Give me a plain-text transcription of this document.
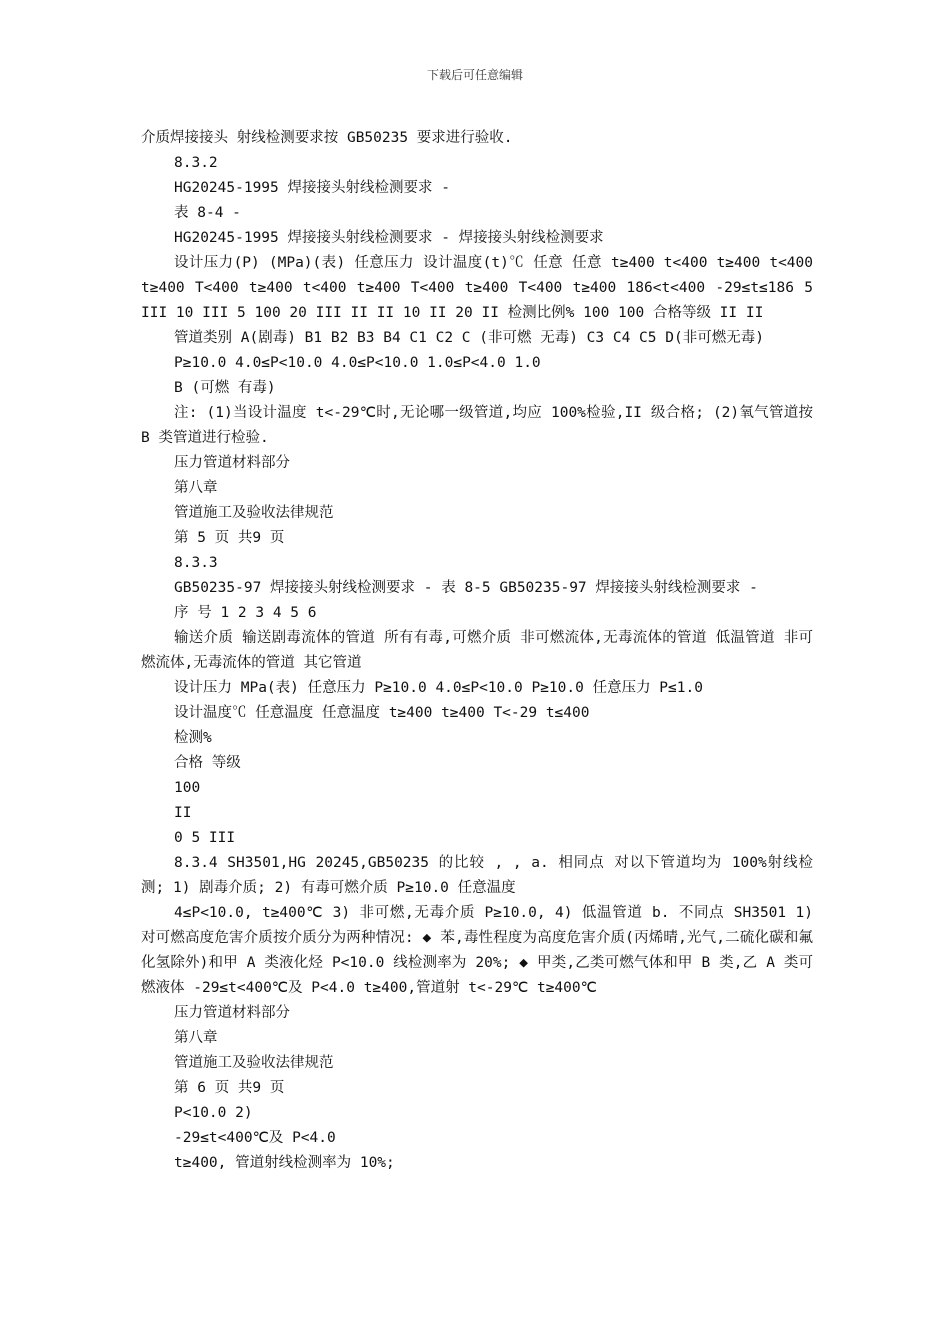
下载后可任意编辑

介质焊接接头 射线检测要求按 GB50235 要求进行验收.

8.3.2

HG20245-1995 焊接接头射线检测要求 -

表 8-4 -

HG20245-1995 焊接接头射线检测要求 - 焊接接头射线检测要求

设计压力(P) (MPa)(表) 任意压力 设计温度(t)℃ 任意 任意 t≥400 t<400 t≥400 t<400 t≥400 T<400 t≥400 t<400 t≥400 T<400 t≥400 T<400 t≥400 186<t<400 -29≤t≤186 5 III 10 III 5 100 20 III II II 10 II 20 II 检测比例% 100 100 合格等级 II II

管道类别 A(剧毒) B1 B2 B3 B4 C1 C2 C (非可燃 无毒) C3 C4 C5 D(非可燃无毒)

P≥10.0 4.0≤P<10.0 4.0≤P<10.0 1.0≤P<4.0 1.0

B (可燃 有毒)

注: (1)当设计温度 t<-29℃时,无论哪一级管道,均应 100%检验,II 级合格; (2)氧气管道按 B 类管道进行检验.

压力管道材料部分

第八章

管道施工及验收法律规范

第 5 页 共9 页

8.3.3

GB50235-97 焊接接头射线检测要求 - 表 8-5 GB50235-97 焊接接头射线检测要求 -

序 号 1 2 3 4 5 6

输送介质 输送剧毒流体的管道 所有有毒,可燃介质 非可燃流体,无毒流体的管道 低温管道 非可燃流体,无毒流体的管道 其它管道

设计压力 MPa(表) 任意压力 P≥10.0 4.0≤P<10.0 P≥10.0 任意压力 P≤1.0

设计温度℃ 任意温度 任意温度 t≥400 t≥400 T<-29 t≤400

检测%

合格 等级

100

II

0 5 III

8.3.4 SH3501,HG 20245,GB50235 的比较 , , a. 相同点 对以下管道均为 100%射线检测; 1) 剧毒介质; 2) 有毒可燃介质 P≥10.0 任意温度

4≤P<10.0, t≥400℃ 3) 非可燃,无毒介质 P≥10.0, 4) 低温管道 b. 不同点 SH3501 1) 对可燃高度危害介质按介质分为两种情况: ◆ 苯,毒性程度为高度危害介质(丙烯晴,光气,二硫化碳和氟 化氢除外)和甲 A 类液化烃 P<10.0 线检测率为 20%; ◆ 甲类,乙类可燃气体和甲 B 类,乙 A 类可燃液体 -29≤t<400℃及 P<4.0 t≥400,管道射 t<-29℃ t≥400℃

压力管道材料部分

第八章

管道施工及验收法律规范

第 6 页 共9 页

P<10.0 2)

-29≤t<400℃及 P<4.0

t≥400, 管道射线检测率为 10%;
